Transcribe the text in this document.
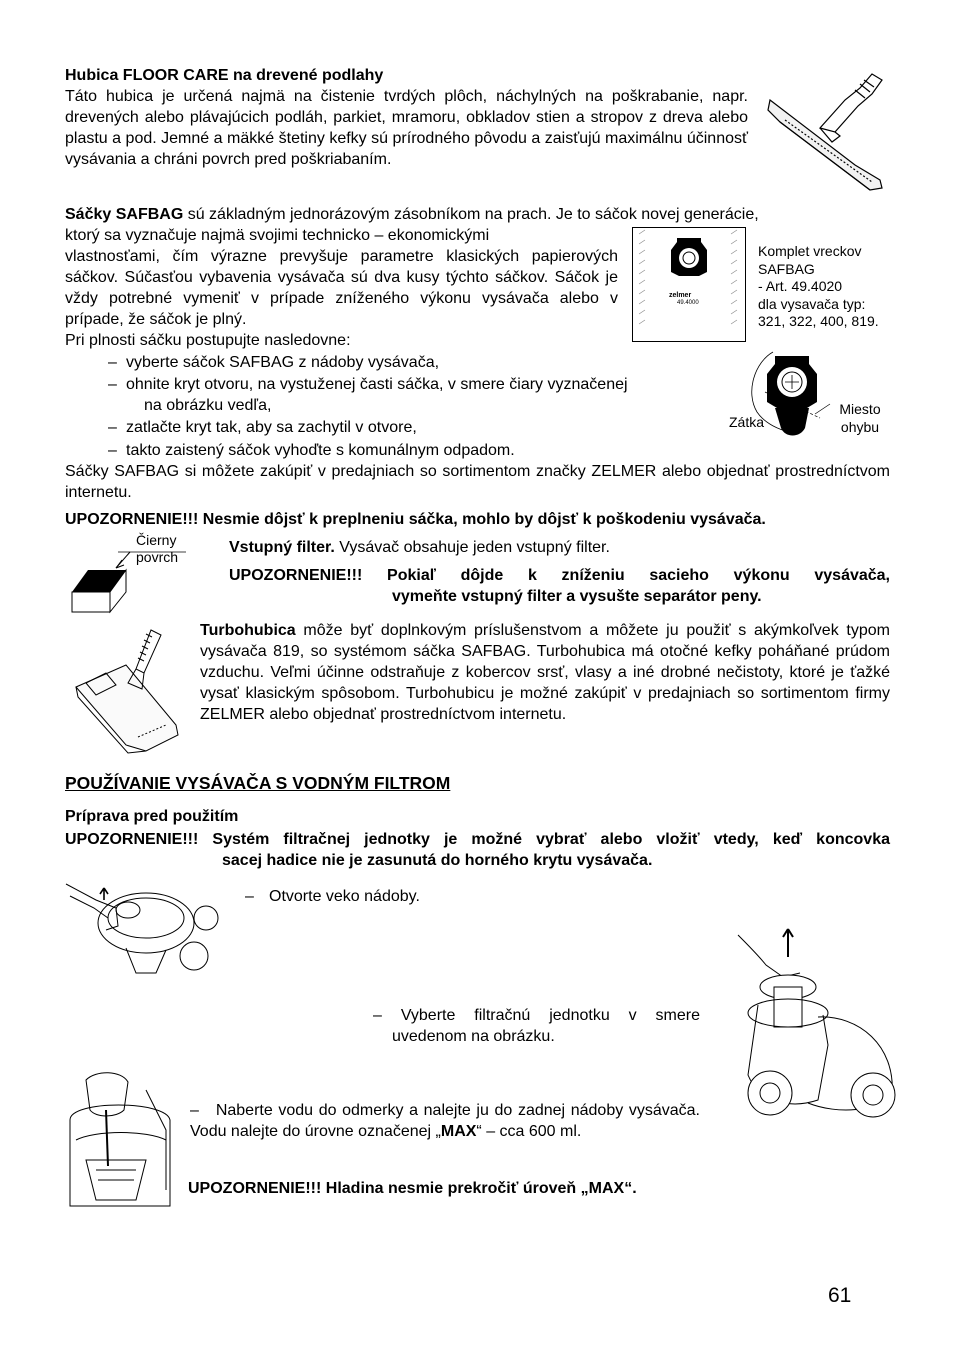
Hubica FLOOR CARE na drevené podlahy
Táto hubica je určená najmä na čistenie tvrdých plôch, náchylných na poškrabanie, napr. drevených alebo plávajúcich podláh, parkiet, mramoru, obkladov stien a stropov z dreva alebo plastu a pod. Jemné a mäkké štetiny kefky sú prírodného pôvodu a zaisťujú maximálnu účinnosť vysávania a chráni povrch pred poškriabaním.
Sáčky SAFBAG sú základným jednorázovým zásobníkom na prach. Je to sáčok novej generácie,
ktorý sa vyznačuje najmä svojimi technicko – ekonomickými
vlastnosťami, čím výrazne prevyšuje parametre klasických papierových sáčkov. Súčasťou vybavenia vysávača sú dva kusy týchto sáčkov. Sáčok je vždy potrebné vymeniť v prípade zníženého výkonu vysávača alebo v prípade, že sáčok je plný.
Pri plnosti sáčku postupujte nasledovne:
– vyberte sáčok SAFBAG z nádoby vysávača,
– ohnite kryt otvoru, na vystuženej časti sáčka, v smere čiary vyznačenej
na obrázku vedľa,
– zatlačte kryt tak, aby sa zachytil v otvore,
– takto zaistený sáčok vyhoďte s komunálnym odpadom.
Sáčky SAFBAG si môžete zakúpiť v predajniach so sortimentom značky ZELMER alebo objednať prostredníctvom internetu.
zelmer
49.4000
Komplet vreckov
SAFBAG
- Art. 49.4020
dla vysavača typ:
321, 322, 400, 819.
Zátka
Miesto
ohybu
UPOZORNENIE!!! Nesmie dôjsť k preplneniu sáčka, mohlo by dôjsť k poškodeniu vysávača.
Čierny
povrch
Vstupný filter. Vysávač obsahuje jeden vstupný filter.
UPOZORNENIE!!! Pokiaľ dôjde k zníženiu sacieho výkonu vysávača,
vymeňte vstupný filter a vysušte separátor peny.
Turbohubica môže byť doplnkovým príslušenstvom a môžete ju použiť s akýmkoľvek typom vysávača 819, so systémom sáčka SAFBAG. Turbohubica má otočné kefky poháňané prúdom vzduchu. Veľmi účinne odstraňuje z kobercov srsť, vlasy a iné drobné nečistoty, ktoré je ťažké vysať klasickým spôsobom. Turbohubicu je možné zakúpiť v predajniach so sortimentom firmy ZELMER alebo objednať prostredníctvom internetu.
POUŽÍVANIE VYSÁVAČA S VODNÝM FILTROM
Príprava pred použitím
UPOZORNENIE!!! Systém filtračnej jednotky je možné vybrať alebo vložiť vtedy, keď koncovka
sacej hadice nie je zasunutá do horného krytu vysávača.
– Otvorte veko nádoby.
– Vyberte filtračnú jednotku v smere
uvedenom na obrázku.
– Naberte vodu do odmerky a nalejte ju do zadnej nádoby vysávača. Vodu nalejte do úrovne označenej „MAX“ – cca 600 ml.
UPOZORNENIE!!! Hladina nesmie prekročiť úroveň „MAX“.
61
